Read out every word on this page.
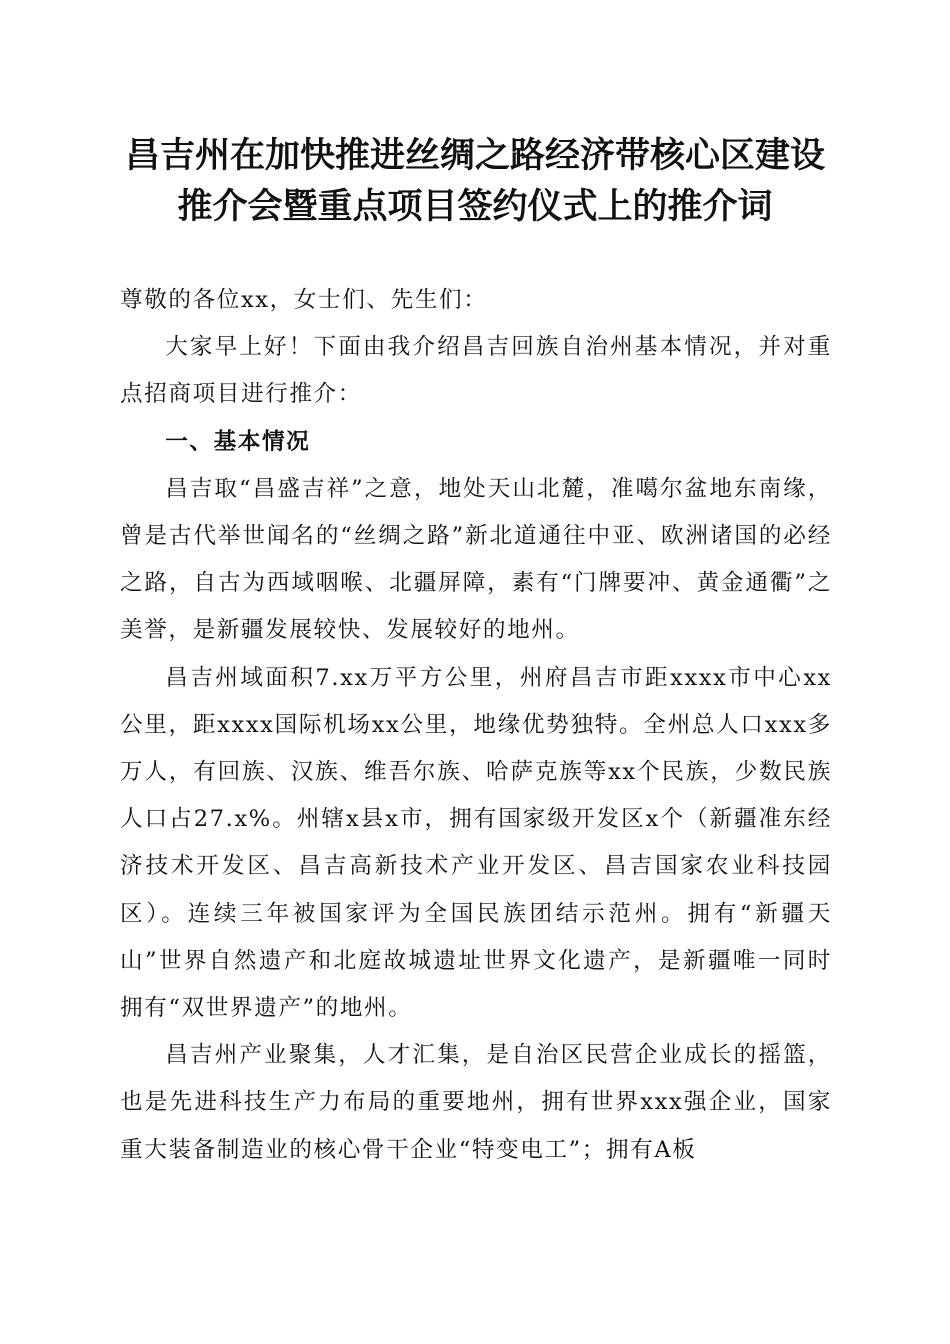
昌吉州在加快推进丝绸之路经济带核心区建设
推介会暨重点项目签约仪式上的推介词

尊敬的各位xx，女士们、先生们：

大家早上好！下面由我介绍昌吉回族自治州基本情况，并对重点招商项目进行推介：

一、基本情况

昌吉取“昌盛吉祥”之意，地处天山北麓，准噶尔盆地东南缘，曾是古代举世闻名的“丝绸之路”新北道通往中亚、欧洲诸国的必经之路，自古为西域咽喉、北疆屏障，素有“门牌要冲、黄金通衢”之美誉，是新疆发展较快、发展较好的地州。

昌吉州域面积7.xx万平方公里，州府昌吉市距xxxx市中心xx公里，距xxxx国际机场xx公里，地缘优势独特。全州总人口xxx多万人，有回族、汉族、维吾尔族、哈萨克族等xx个民族，少数民族人口占27.x%。州辖x县x市，拥有国家级开发区x个（新疆准东经济技术开发区、昌吉高新技术产业开发区、昌吉国家农业科技园区）。连续三年被国家评为全国民族团结示范州。拥有“新疆天山”世界自然遗产和北庭故城遗址世界文化遗产，是新疆唯一同时拥有“双世界遗产”的地州。

昌吉州产业聚集，人才汇集，是自治区民营企业成长的摇篮，也是先进科技生产力布局的重要地州，拥有世界xxx强企业，国家重大装备制造业的核心骨干企业“特变电工”；拥有A板
